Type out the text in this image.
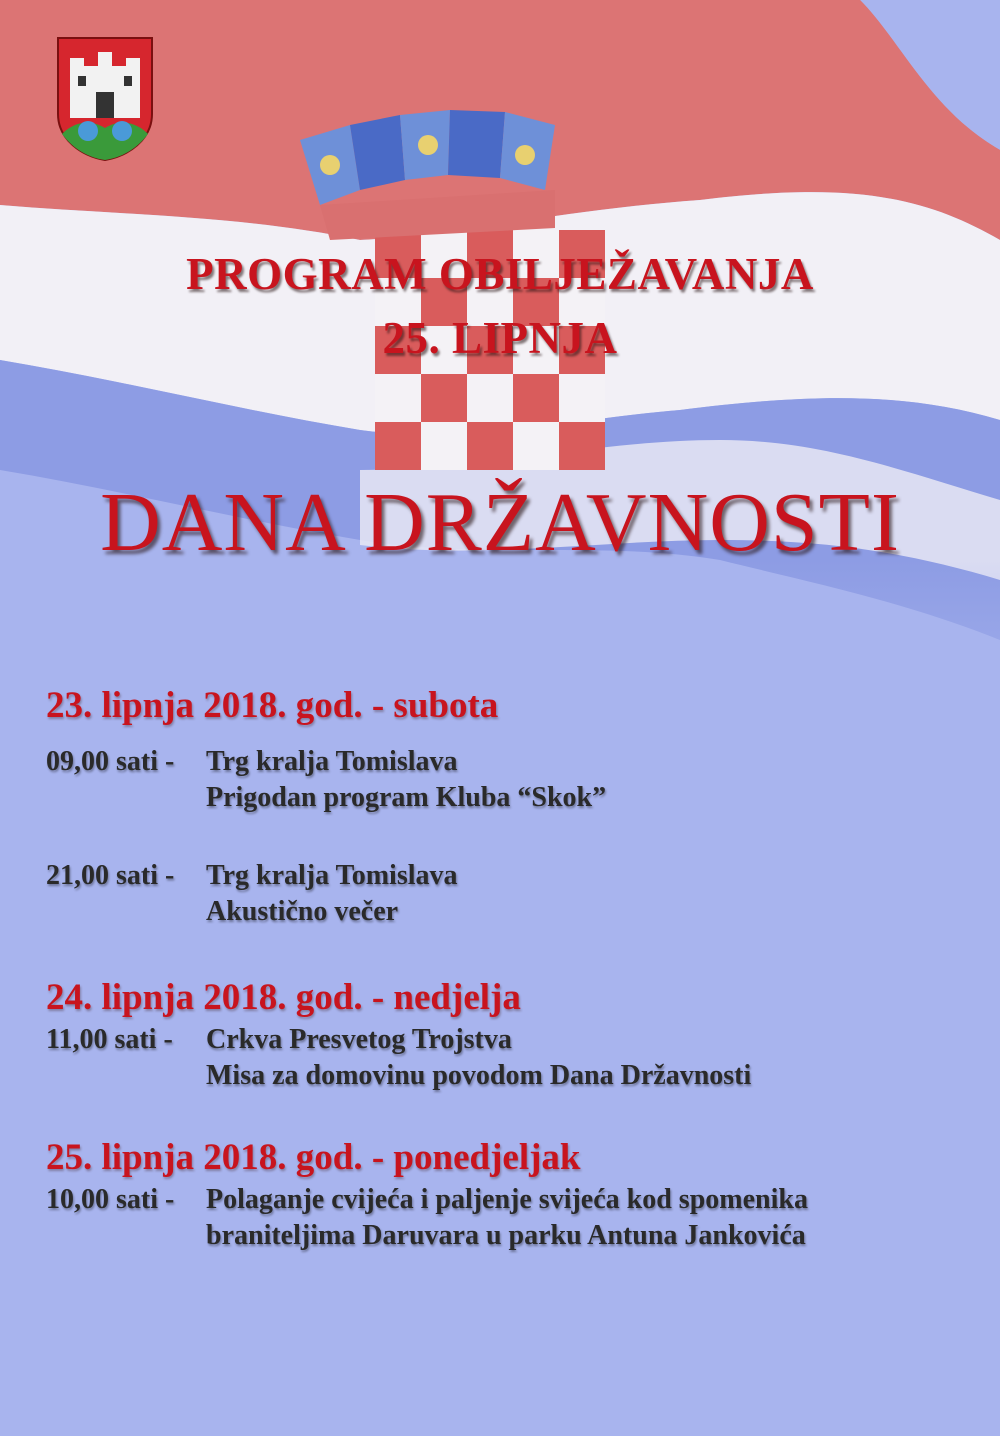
PROGRAM OBILJEŽAVANJA
25. LIPNJA
DANA DRŽAVNOSTI
23. lipnja 2018. god. - subota
09,00 sati -	Trg kralja Tomislava
Prigodan program Kluba “Skok”
21,00 sati -	Trg kralja Tomislava
Akustično večer
24. lipnja 2018. god. - nedjelja
11,00 sati -	Crkva Presvetog Trojstva
Misa za domovinu povodom Dana Državnosti
25. lipnja 2018. god. - ponedjeljak
10,00 sati -	Polaganje cvijeća i paljenje svijeća kod spomenika
braniteljima Daruvara u parku Antuna Jankovića
